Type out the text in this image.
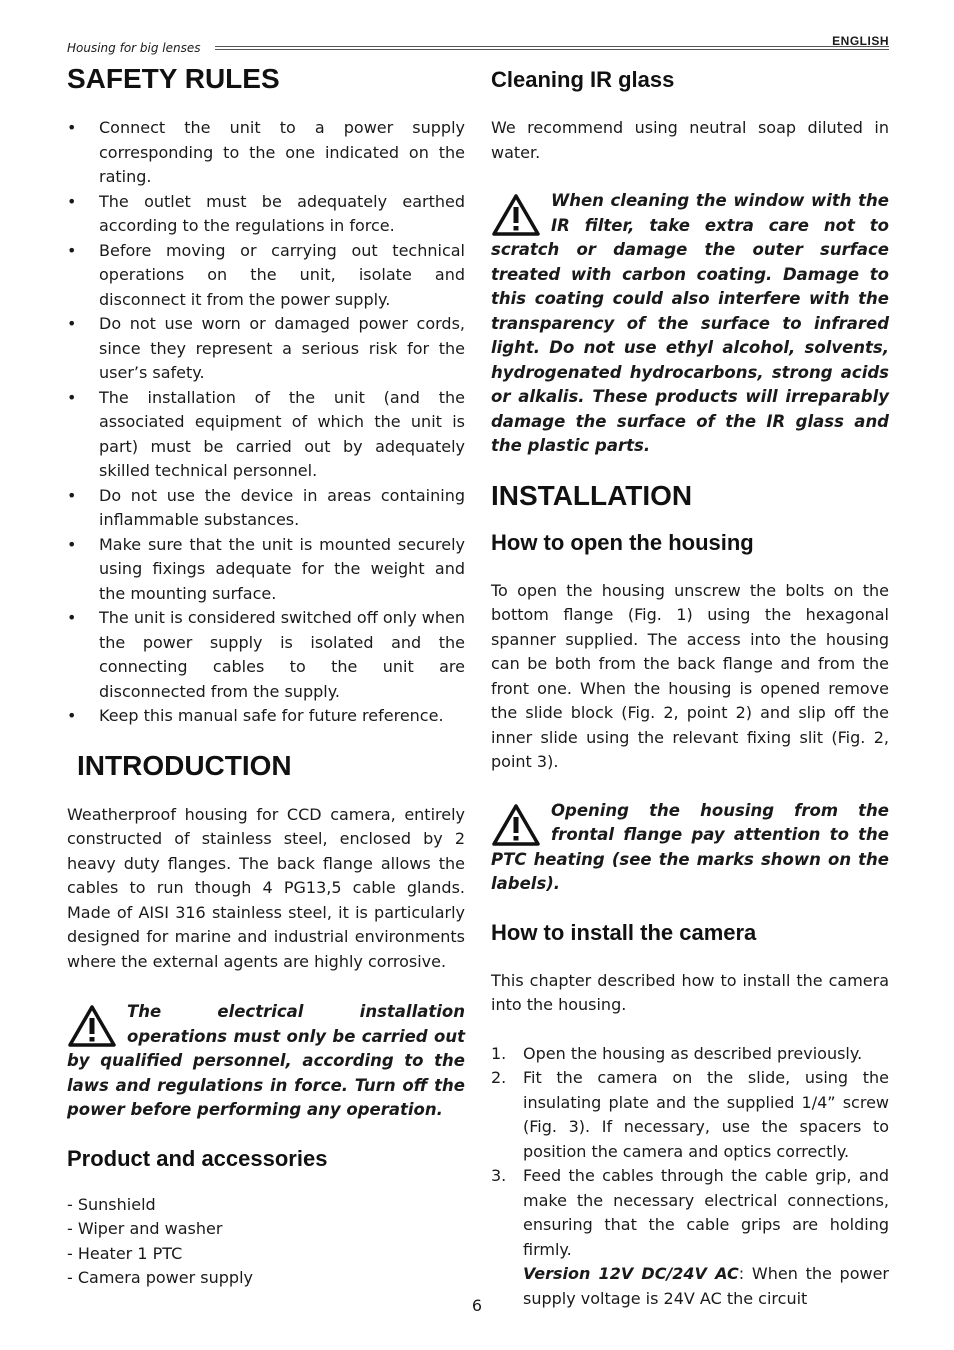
Housing for big lenses	ENGLISH
SAFETY RULES
• Connect the unit to a power supply corresponding to the one indicated on the rating.
• The outlet must be adequately earthed according to the regulations in force.
• Before moving or carrying out technical operations on the unit, isolate and disconnect it from the power supply.
• Do not use worn or damaged power cords, since they represent a serious risk for the user’s safety.
• The installation of the unit (and the associated equipment of which the unit is part) must be carried out by adequately skilled technical personnel.
• Do not use the device in areas containing inflammable substances.
• Make sure that the unit is mounted securely using fixings adequate for the weight and the mounting surface.
• The unit is considered switched off only when the power supply is isolated and the connecting cables to the unit are disconnected from the supply.
• Keep this manual safe for future reference.
INTRODUCTION

Weatherproof housing for CCD camera, entirely constructed of stainless steel, enclosed by 2 heavy duty flanges. The back flange allows the cables to run though 4 PG13,5 cable glands. Made of AISI 316 stainless steel, it is particularly designed for marine and industrial environments where the external agents are highly corrosive.

The electrical installation operations must only be carried out by qualified personnel, according to the laws and regulations in force. Turn off the power before performing any operation.
Product and accessories
- Sunshield
- Wiper and washer
- Heater 1 PTC
- Camera power supply
Cleaning IR glass

We recommend using neutral soap diluted in water.

When cleaning the window with the IR filter, take extra care not to scratch or damage the outer surface treated with carbon coating. Damage to this coating could also interfere with the transparency of the surface to infrared light. Do not use ethyl alcohol, solvents, hydrogenated hydrocarbons, strong acids or alkalis. These products will irreparably damage the surface of the IR glass and the plastic parts.
INSTALLATION
How to open the housing

To open the housing unscrew the bolts on the bottom flange (Fig. 1) using the hexagonal spanner supplied. The access into the housing can be both from the back flange and from the front one. When the housing is opened remove the slide block (Fig. 2, point 2) and slip off the inner slide using the relevant fixing slit (Fig. 2, point 3).

Opening the housing from the frontal flange pay attention to the PTC heating (see the marks shown on the labels).
How to install the camera

This chapter described how to install the camera into the housing.

1. Open the housing as described previously.
2. Fit the camera on the slide, using the insulating plate and the supplied 1/4” screw (Fig. 3). If necessary, use the spacers to position the camera and optics correctly.
3. Feed the cables through the cable grip, and make the necessary electrical connections, ensuring that the cable grips are holding firmly.
Version 12V DC/24V AC: When the power supply voltage is 24V AC the circuit
6
